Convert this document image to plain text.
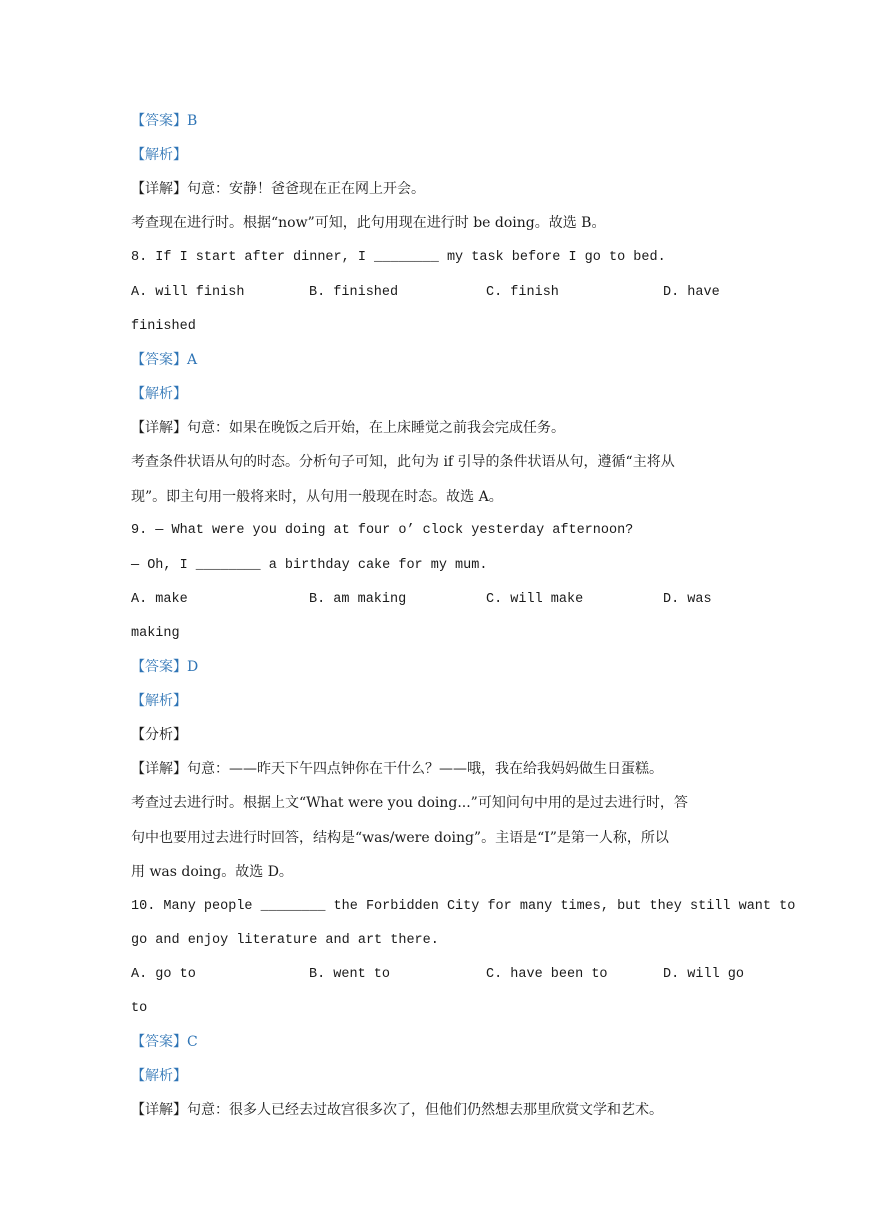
【答案】B
【解析】
【详解】句意：安静！爸爸现在正在网上开会。
考查现在进行时。根据“now”可知，此句用现在进行时 be doing。故选 B。
8. If I start after dinner, I ________ my task before I go to bed.
A. will finish	B. finished	C. finish	D. have
finished
【答案】A
【解析】
【详解】句意：如果在晚饭之后开始，在上床睡觉之前我会完成任务。
考查条件状语从句的时态。分析句子可知，此句为 if 引导的条件状语从句，遵循“主将从
现”。即主句用一般将来时，从句用一般现在时态。故选 A。
9. — What were you doing at four o’ clock yesterday afternoon?
— Oh, I ________ a birthday cake for my mum.
A. make	B. am making	C. will make	D. was
making
【答案】D
【解析】
【分析】
【详解】句意：——昨天下午四点钟你在干什么？——哦，我在给我妈妈做生日蛋糕。
考查过去进行时。根据上文“What were you doing...”可知问句中用的是过去进行时，答
句中也要用过去进行时回答，结构是“was/were doing”。主语是“I”是第一人称，所以
用 was doing。故选 D。
10. Many people ________ the Forbidden City for many times, but they still want to
go and enjoy literature and art there.
A. go to	B. went to	C. have been to	D. will go
to
【答案】C
【解析】
【详解】句意：很多人已经去过故宫很多次了，但他们仍然想去那里欣赏文学和艺术。
